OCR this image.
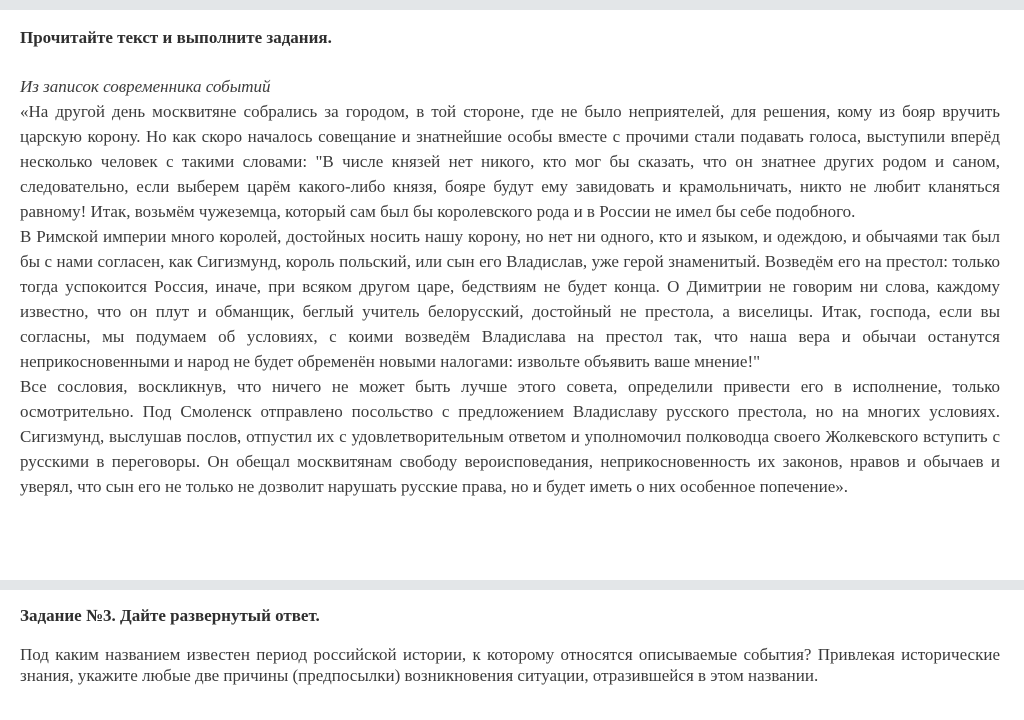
Прочитайте текст и выполните задания.

Из записок современника событий

«На другой день москвитяне собрались за городом, в той стороне, где не было неприятелей, для решения, кому из бояр вручить царскую корону. Но как скоро началось совещание и знатнейшие особы вместе с прочими стали подавать голоса, выступили вперёд несколько человек с такими словами: "В числе князей нет никого, кто мог бы сказать, что он знатнее других родом и саном, следовательно, если выберем царём какого-либо князя, бояре будут ему завидовать и крамольничать, никто не любит кланяться равному! Итак, возьмём чужеземца, который сам был бы королевского рода и в России не имел бы себе подобного.

В Римской империи много королей, достойных носить нашу корону, но нет ни одного, кто и языком, и одеждою, и обычаями так был бы с нами согласен, как Сигизмунд, король польский, или сын его Владислав, уже герой знаменитый. Возведём его на престол: только тогда успокоится Россия, иначе, при всяком другом царе, бедствиям не будет конца. О Димитрии не говорим ни слова, каждому известно, что он плут и обманщик, беглый учитель белорусский, достойный не престола, а виселицы. Итак, господа, если вы согласны, мы подумаем об условиях, с коими возведём Владислава на престол так, что наша вера и обычаи останутся неприкосновенными и народ не будет обременён новыми налогами: извольте объявить ваше мнение!"

Все сословия, воскликнув, что ничего не может быть лучше этого совета, определили привести его в исполнение, только осмотрительно. Под Смоленск отправлено посольство с предложением Владиславу русского престола, но на многих условиях. Сигизмунд, выслушав послов, отпустил их с удовлетворительным ответом и уполномочил полководца своего Жолкевского вступить с русскими в переговоры. Он обещал москвитянам свободу вероисповедания, неприкосновенность их законов, нравов и обычаев и уверял, что сын его не только не дозволит нарушать русские права, но и будет иметь о них особенное попечение».

Задание №3. Дайте развернутый ответ.

Под каким названием известен период российской истории, к которому относятся описываемые события? Привлекая исторические знания, укажите любые две причины (предпосылки) возникновения ситуации, отразившейся в этом названии.
